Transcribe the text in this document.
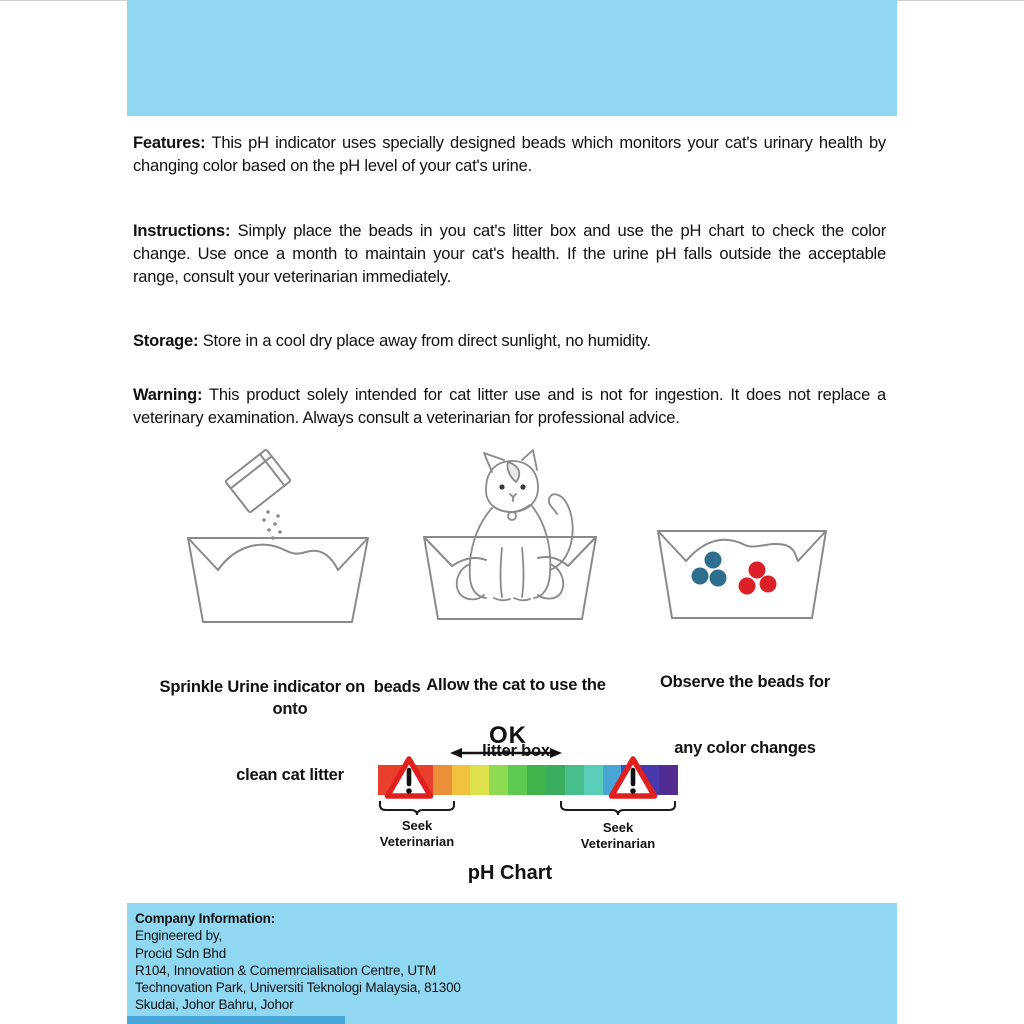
Features: This pH indicator uses specially designed beads which monitors your cat's urinary health by changing color based on the pH level of your cat's urine.

Instructions: Simply place the beads in you cat's litter box and use the pH chart to check the color change. Use once a month to maintain your cat's health. If the urine pH falls outside the acceptable range, consult your veterinarian immediately.

Storage: Store in a cool dry place away from direct sunlight, no humidity.

Warning: This product solely intended for cat litter use and is not for ingestion. It does not replace a veterinary examination. Always consult a veterinarian for professional advice.

Sprinkle Urine indicator on  beads onto

clean cat litter

Allow the cat to use the

litter box

Observe the beads for

any color changes

OK
Seek
Veterinarian
Seek
Veterinarian
pH Chart
Company Information:
Engineered by,
Procid Sdn Bhd
R104, Innovation & Comemrcialisation Centre, UTM
Technovation Park, Universiti Teknologi Malaysia, 81300
Skudai, Johor Bahru, Johor
